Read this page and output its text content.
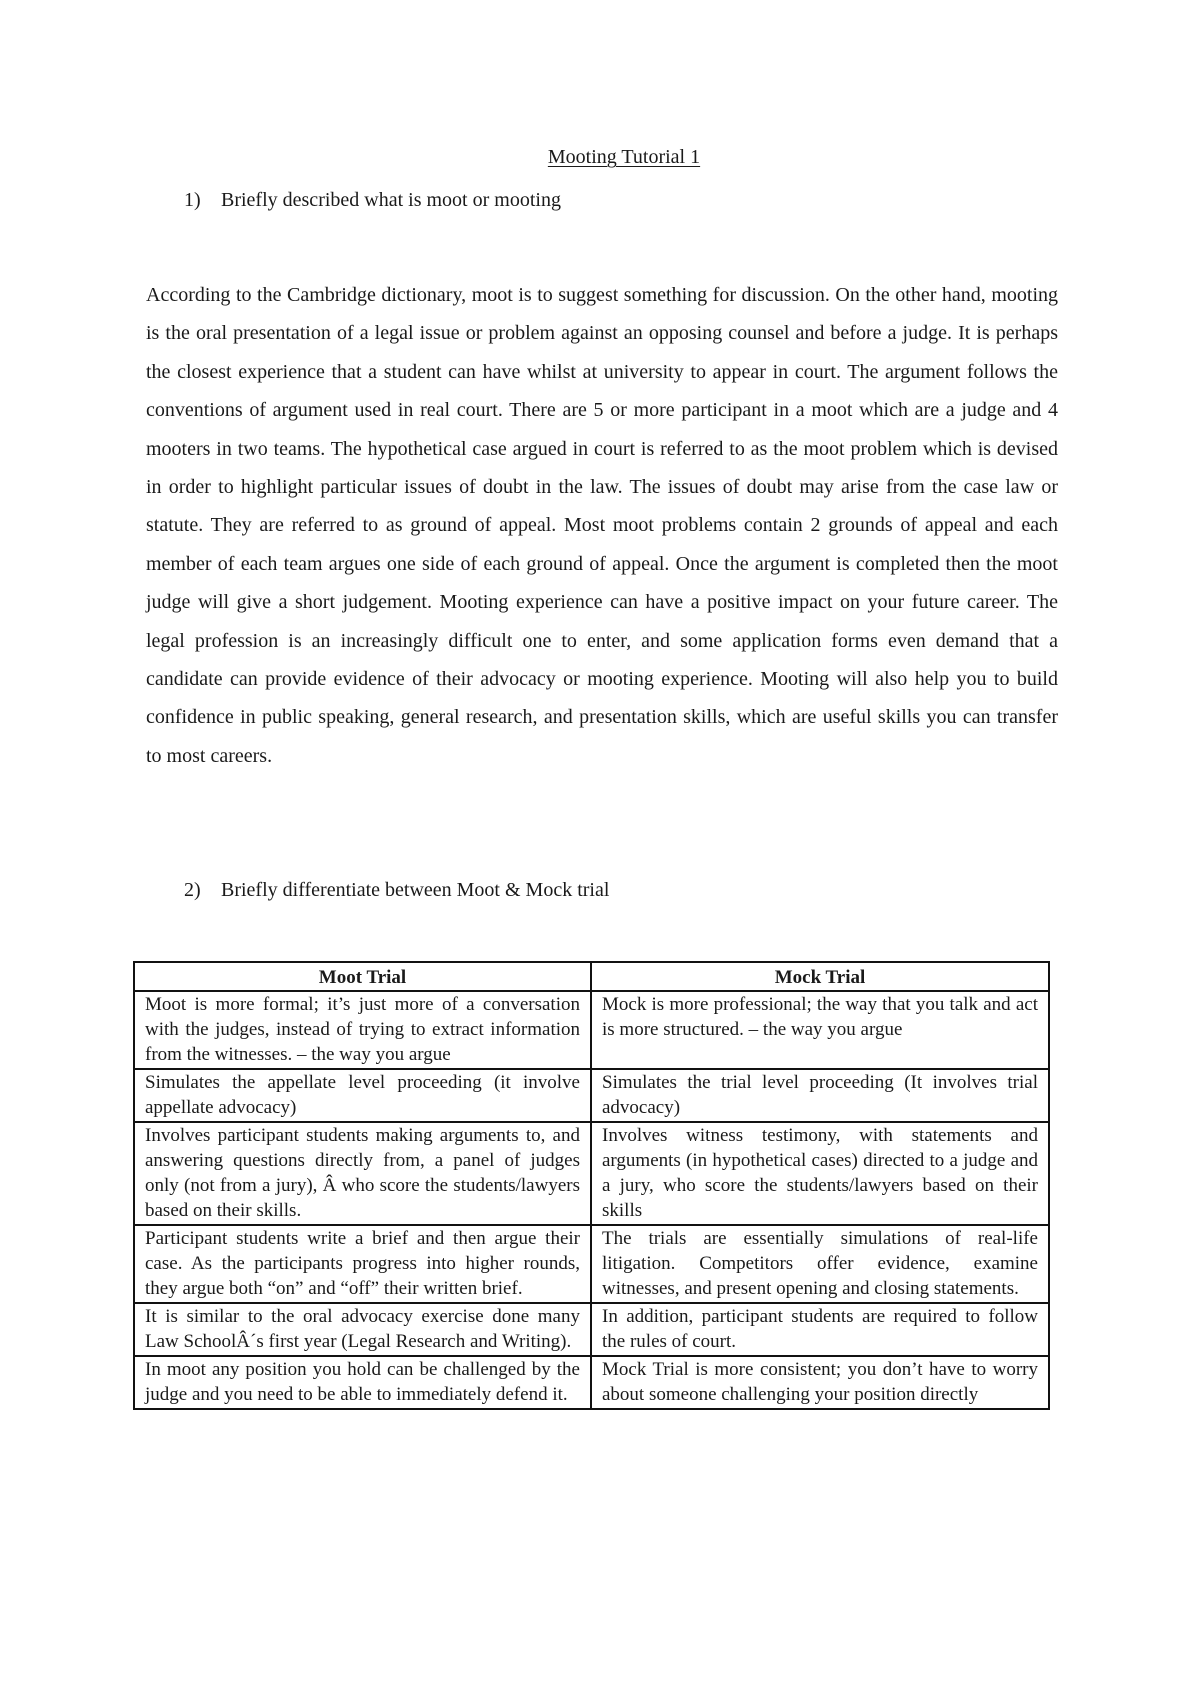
Mooting Tutorial 1
1) Briefly described what is moot or mooting

According to the Cambridge dictionary, moot is to suggest something for discussion. On the other hand, mooting is the oral presentation of a legal issue or problem against an opposing counsel and before a judge. It is perhaps the closest experience that a student can have whilst at university to appear in court. The argument follows the conventions of argument used in real court. There are 5 or more participant in a moot which are a judge and 4 mooters in two teams. The hypothetical case argued in court is referred to as the moot problem which is devised in order to highlight particular issues of doubt in the law. The issues of doubt may arise from the case law or statute. They are referred to as ground of appeal. Most moot problems contain 2 grounds of appeal and each member of each team argues one side of each ground of appeal. Once the argument is completed then the moot judge will give a short judgement. Mooting experience can have a positive impact on your future career. The legal profession is an increasingly difficult one to enter, and some application forms even demand that a candidate can provide evidence of their advocacy or mooting experience. Mooting will also help you to build confidence in public speaking, general research, and presentation skills, which are useful skills you can transfer to most careers.

2) Briefly differentiate between Moot & Mock trial
Moot Trial	Mock Trial
Moot is more formal; it’s just more of a conversation with the judges, instead of trying to extract information from the witnesses. – the way you argue	Mock is more professional; the way that you talk and act is more structured. – the way you argue
Simulates the appellate level proceeding (it involve appellate advocacy)	Simulates the trial level proceeding (It involves trial advocacy)
Involves participant students making arguments to, and answering questions directly from, a panel of judges only (not from a jury), Â who score the students/lawyers based on their skills.	Involves witness testimony, with statements and arguments (in hypothetical cases) directed to a judge and a jury, who score the students/lawyers based on their skills
Participant students write a brief and then argue their case. As the participants progress into higher rounds, they argue both “on” and “off” their written brief.	The trials are essentially simulations of real-life litigation. Competitors offer evidence, examine witnesses, and present opening and closing statements.
It is similar to the oral advocacy exercise done many Law SchoolÂ´s first year (Legal Research and Writing).	In addition, participant students are required to follow the rules of court.
In moot any position you hold can be challenged by the judge and you need to be able to immediately defend it.	Mock Trial is more consistent; you don’t have to worry about someone challenging your position directly
